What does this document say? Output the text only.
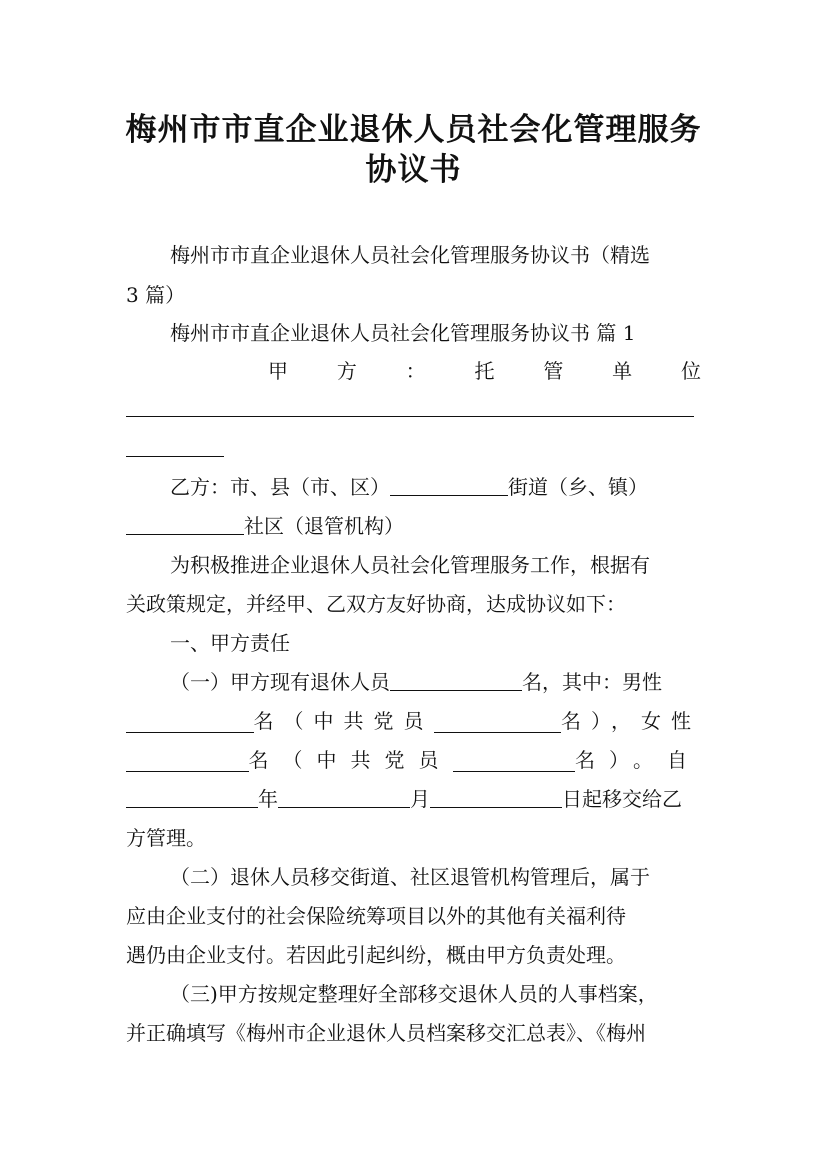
梅州市市直企业退休人员社会化管理服务
协议书

梅州市市直企业退休人员社会化管理服务协议书（精选

3 篇）

梅州市市直企业退休人员社会化管理服务协议书 篇 1

甲方：托管单位

乙方：市、县（市、区）	街道（乡、镇）

社区（退管机构）

为积极推进企业退休人员社会化管理服务工作，根据有

关政策规定，并经甲、乙双方友好协商，达成协议如下：

一、甲方责任

（一）甲方现有退休人员	名，其中：男性

名（中共党员	名），女性

名（中共党员	名）。自

年	月	日起移交给乙

方管理。

（二）退休人员移交街道、社区退管机构管理后，属于

应由企业支付的社会保险统筹项目以外的其他有关福利待

遇仍由企业支付。若因此引起纠纷，概由甲方负责处理。

（三)甲方按规定整理好全部移交退休人员的人事档案，

并正确填写《梅州市企业退休人员档案移交汇总表》、《梅州
